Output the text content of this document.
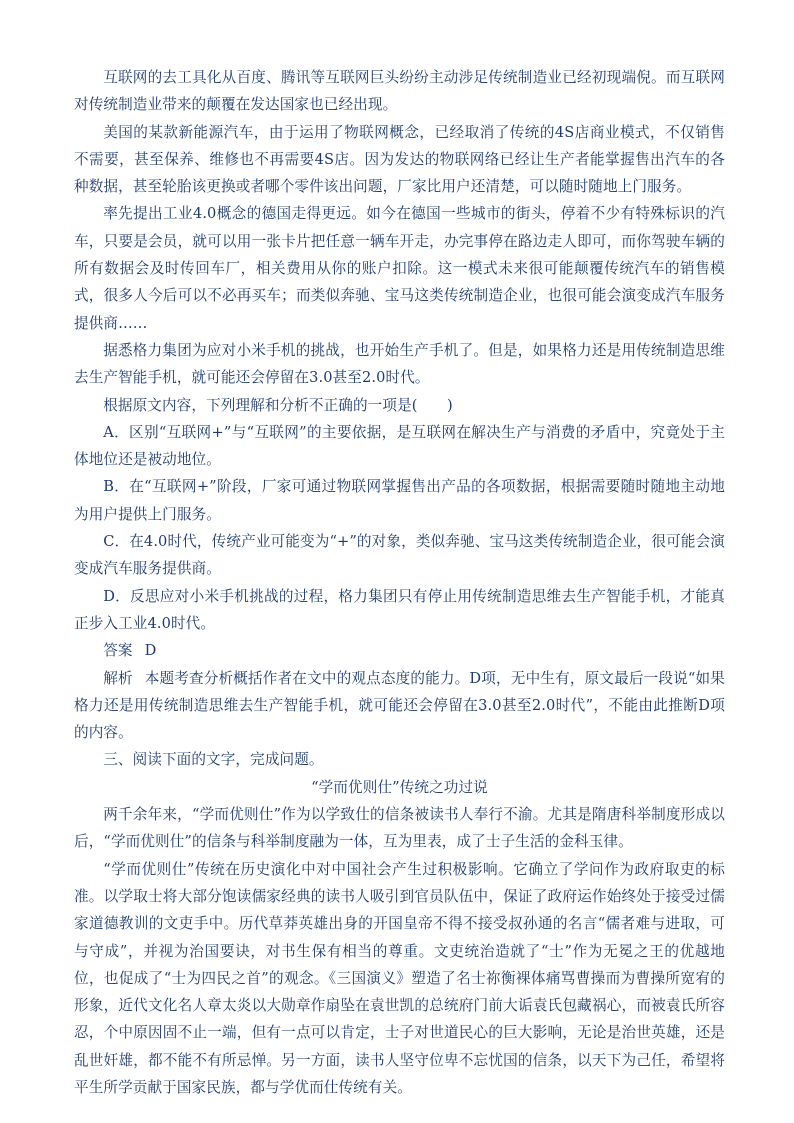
互联网的去工具化从百度、腾讯等互联网巨头纷纷主动涉足传统制造业已经初现端倪。而互联网对传统制造业带来的颠覆在发达国家也已经出现。

美国的某款新能源汽车，由于运用了物联网概念，已经取消了传统的4S店商业模式，不仅销售不需要，甚至保养、维修也不再需要4S店。因为发达的物联网络已经让生产者能掌握售出汽车的各种数据，甚至轮胎该更换或者哪个零件该出问题，厂家比用户还清楚，可以随时随地上门服务。

率先提出工业4.0概念的德国走得更远。如今在德国一些城市的街头，停着不少有特殊标识的汽车，只要是会员，就可以用一张卡片把任意一辆车开走，办完事停在路边走人即可，而你驾驶车辆的所有数据会及时传回车厂，相关费用从你的账户扣除。这一模式未来很可能颠覆传统汽车的销售模式，很多人今后可以不必再买车；而类似奔驰、宝马这类传统制造企业，也很可能会演变成汽车服务提供商……

据悉格力集团为应对小米手机的挑战，也开始生产手机了。但是，如果格力还是用传统制造思维去生产智能手机，就可能还会停留在3.0甚至2.0时代。

根据原文内容，下列理解和分析不正确的一项是(　　)

A．区别“互联网+”与“互联网”的主要依据，是互联网在解决生产与消费的矛盾中，究竟处于主体地位还是被动地位。

B．在“互联网+”阶段，厂家可通过物联网掌握售出产品的各项数据，根据需要随时随地主动地为用户提供上门服务。

C．在4.0时代，传统产业可能变为“+”的对象，类似奔驰、宝马这类传统制造企业，很可能会演变成汽车服务提供商。

D．反思应对小米手机挑战的过程，格力集团只有停止用传统制造思维去生产智能手机，才能真正步入工业4.0时代。

答案 D

解析 本题考查分析概括作者在文中的观点态度的能力。D项，无中生有，原文最后一段说“如果格力还是用传统制造思维去生产智能手机，就可能还会停留在3.0甚至2.0时代”，不能由此推断D项的内容。

三、阅读下面的文字，完成问题。

“学而优则仕”传统之功过说

两千余年来，“学而优则仕”作为以学致仕的信条被读书人奉行不渝。尤其是隋唐科举制度形成以后，“学而优则仕”的信条与科举制度融为一体，互为里表，成了士子生活的金科玉律。

“学而优则仕”传统在历史演化中对中国社会产生过积极影响。它确立了学问作为政府取吏的标准。以学取士将大部分饱读儒家经典的读书人吸引到官员队伍中，保证了政府运作始终处于接受过儒家道德教训的文吏手中。历代草莽英雄出身的开国皇帝不得不接受叔孙通的名言“儒者难与进取，可与守成”，并视为治国要诀，对书生保有相当的尊重。文吏统治造就了“士”作为无冕之王的优越地位，也促成了“士为四民之首”的观念。《三国演义》塑造了名士祢衡裸体痛骂曹操而为曹操所宽宥的形象，近代文化名人章太炎以大勋章作扇坠在袁世凯的总统府门前大诟袁氏包藏祸心，而被袁氏所容忍，个中原因固不止一端，但有一点可以肯定，士子对世道民心的巨大影响，无论是治世英雄，还是乱世奸雄，都不能不有所忌惮。另一方面，读书人坚守位卑不忘忧国的信条，以天下为己任，希望将平生所学贡献于国家民族，都与学优而仕传统有关。
